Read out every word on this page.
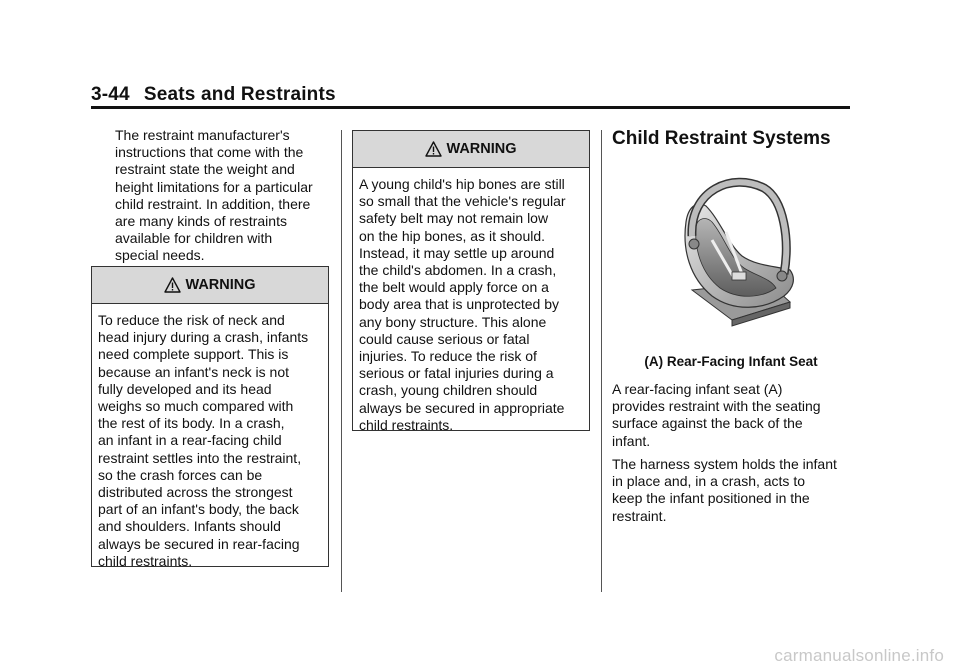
3-44 Seats and Restraints
The restraint manufacturer's
instructions that come with the
restraint state the weight and
height limitations for a particular
child restraint. In addition, there
are many kinds of restraints
available for children with
special needs.
WARNING
To reduce the risk of neck and
head injury during a crash, infants
need complete support. This is
because an infant's neck is not
fully developed and its head
weighs so much compared with
the rest of its body. In a crash,
an infant in a rear-facing child
restraint settles into the restraint,
so the crash forces can be
distributed across the strongest
part of an infant's body, the back
and shoulders. Infants should
always be secured in rear-facing
child restraints.
WARNING
A young child's hip bones are still
so small that the vehicle's regular
safety belt may not remain low
on the hip bones, as it should.
Instead, it may settle up around
the child's abdomen. In a crash,
the belt would apply force on a
body area that is unprotected by
any bony structure. This alone
could cause serious or fatal
injuries. To reduce the risk of
serious or fatal injuries during a
crash, young children should
always be secured in appropriate
child restraints.
Child Restraint Systems
(A) Rear-Facing Infant Seat
A rear-facing infant seat (A)
provides restraint with the seating
surface against the back of the
infant.
The harness system holds the infant
in place and, in a crash, acts to
keep the infant positioned in the
restraint.
carmanualsonline.info
